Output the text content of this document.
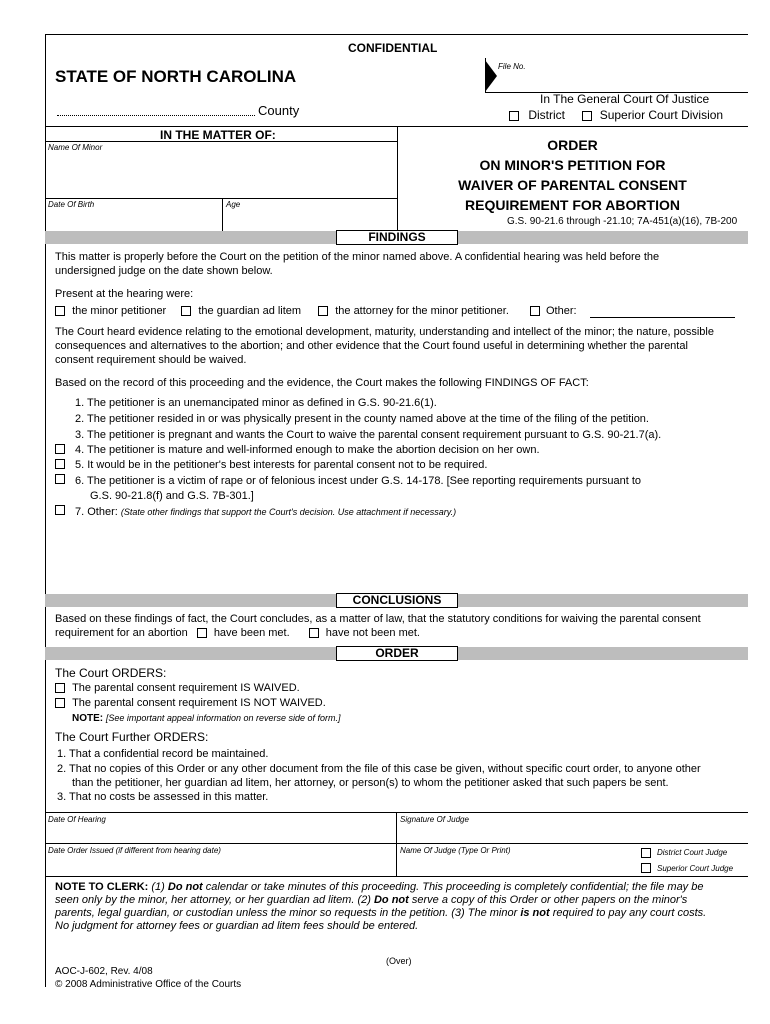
CONFIDENTIAL
STATE OF NORTH CAROLINA
File No.
County
In The General Court Of Justice
District	Superior Court Division
IN THE MATTER OF:
Name Of Minor
Date Of Birth	Age
ORDER
ON MINOR'S PETITION FOR
WAIVER OF PARENTAL CONSENT
REQUIREMENT FOR ABORTION
G.S. 90-21.6 through -21.10; 7A-451(a)(16), 7B-200
FINDINGS
This matter is properly before the Court on the petition of the minor named above. A confidential hearing was held before the
undersigned judge on the date shown below.
Present at the hearing were:
the minor petitioner	the guardian ad litem	the attorney for the minor petitioner.	Other:
The Court heard evidence relating to the emotional development, maturity, understanding and intellect of the minor; the nature, possible
consequences and alternatives to the abortion; and other evidence that the Court found useful in determining whether the parental
consent requirement should be waived.
Based on the record of this proceeding and the evidence, the Court makes the following FINDINGS OF FACT:
1. The petitioner is an unemancipated minor as defined in G.S. 90-21.6(1).
2. The petitioner resided in or was physically present in the county named above at the time of the filing of the petition.
3. The petitioner is pregnant and wants the Court to waive the parental consent requirement pursuant to G.S. 90-21.7(a).
4. The petitioner is mature and well-informed enough to make the abortion decision on her own.
5. It would be in the petitioner's best interests for parental consent not to be required.
6. The petitioner is a victim of rape or of felonious incest under G.S. 14-178. [See reporting requirements pursuant to
G.S. 90-21.8(f) and G.S. 7B-301.]
7. Other: (State other findings that support the Court's decision. Use attachment if necessary.)
CONCLUSIONS
Based on these findings of fact, the Court concludes, as a matter of law, that the statutory conditions for waiving the parental consent
requirement for an abortion have been met.	have not been met.
ORDER
The Court ORDERS:
The parental consent requirement IS WAIVED.
The parental consent requirement IS NOT WAIVED.
NOTE: [See important appeal information on reverse side of form.]
The Court Further ORDERS:
1. That a confidential record be maintained.
2. That no copies of this Order or any other document from the file of this case be given, without specific court order, to anyone other
than the petitioner, her guardian ad litem, her attorney, or person(s) to whom the petitioner asked that such papers be sent.
3. That no costs be assessed in this matter.
Date Of Hearing	Signature Of Judge
Date Order Issued (if different from hearing date)	Name Of Judge (Type Or Print)	District Court Judge
Superior Court Judge
NOTE TO CLERK: (1) Do not calendar or take minutes of this proceeding. This proceeding is completely confidential; the file may be
seen only by the minor, her attorney, or her guardian ad litem. (2) Do not serve a copy of this Order or other papers on the minor's
parents, legal guardian, or custodian unless the minor so requests in the petition. (3) The minor is not required to pay any court costs.
No judgment for attorney fees or guardian ad litem fees should be entered.
(Over)
AOC-J-602, Rev. 4/08
© 2008 Administrative Office of the Courts
